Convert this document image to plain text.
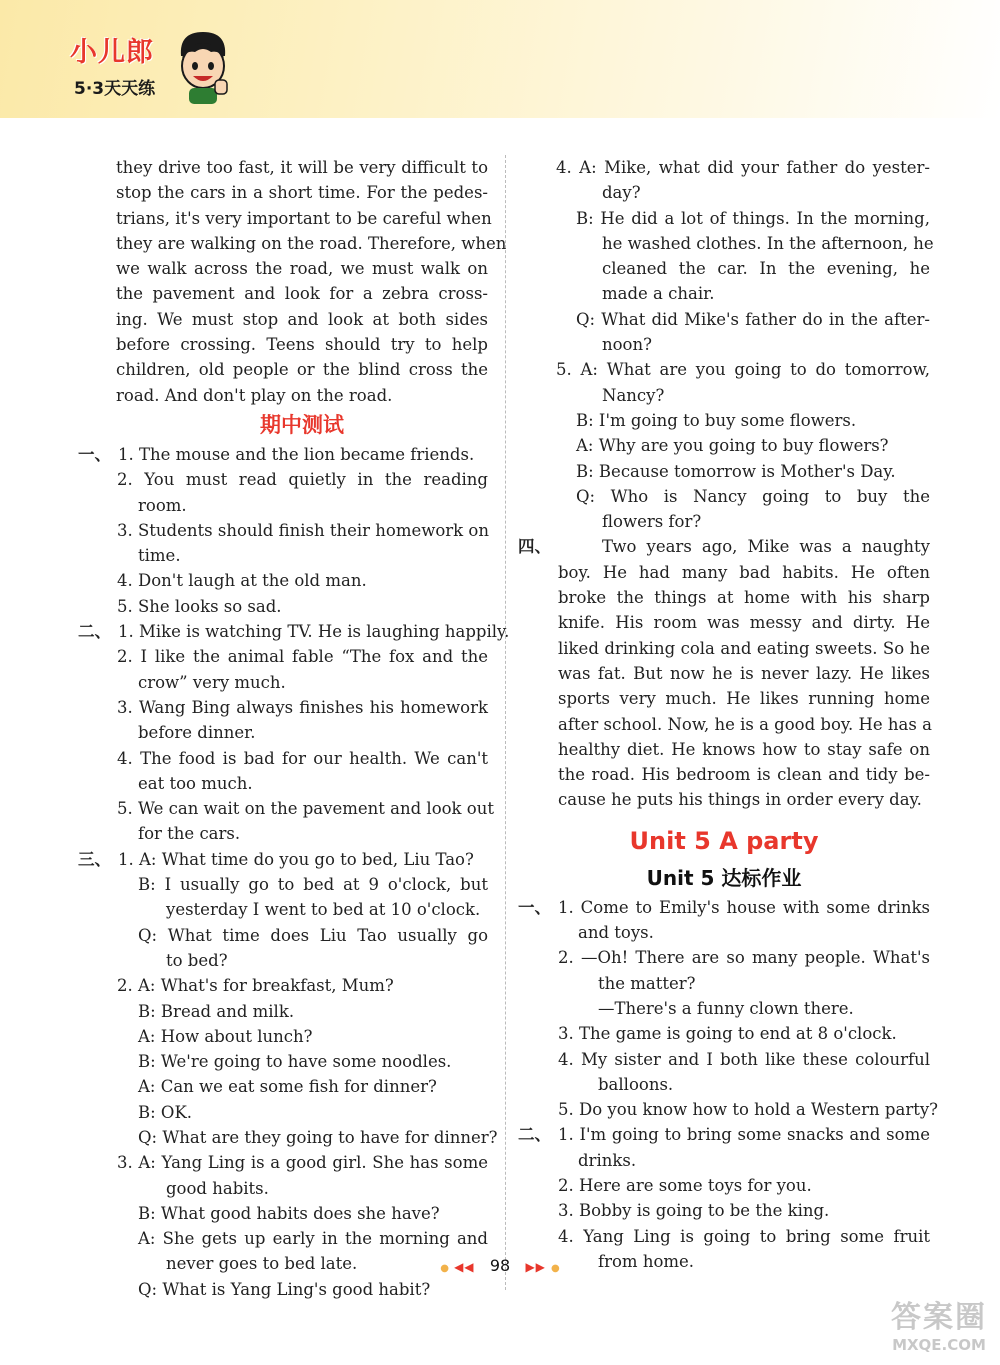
小儿郎
5·3天天练
they drive too fast, it will be very difficult to
stop the cars in a short time. For the pedes-
trians, it's very important to be careful when
they are walking on the road. Therefore, when
we walk across the road, we must walk on
the pavement and look for a zebra cross-
ing. We must stop and look at both sides
before crossing. Teens should try to help
children, old people or the blind cross the
road. And don't play on the road.
期中测试
一、 1. The mouse and the lion became friends.
2. You must read quietly in the reading
room.
3. Students should finish their homework on
time.
4. Don't laugh at the old man.
5. She looks so sad.
二、 1. Mike is watching TV. He is laughing happily.
2. I like the animal fable “The fox and the
crow” very much.
3. Wang Bing always finishes his homework
before dinner.
4. The food is bad for our health. We can't
eat too much.
5. We can wait on the pavement and look out
for the cars.
三、 1. A: What time do you go to bed, Liu Tao?
B: I usually go to bed at 9 o'clock, but
yesterday I went to bed at 10 o'clock.
Q: What time does Liu Tao usually go
to bed?
2. A: What's for breakfast, Mum?
B: Bread and milk.
A: How about lunch?
B: We're going to have some noodles.
A: Can we eat some fish for dinner?
B: OK.
Q: What are they going to have for dinner?
3. A: Yang Ling is a good girl. She has some
good habits.
B: What good habits does she have?
A: She gets up early in the morning and
never goes to bed late.
Q: What is Yang Ling's good habit?
4. A: Mike, what did your father do yester-
day?
B: He did a lot of things. In the morning,
he washed clothes. In the afternoon, he
cleaned the car. In the evening, he
made a chair.
Q: What did Mike's father do in the after-
noon?
5. A: What are you going to do tomorrow,
Nancy?
B: I'm going to buy some flowers.
A: Why are you going to buy flowers?
B: Because tomorrow is Mother's Day.
Q: Who is Nancy going to buy the
flowers for?
四、	Two years ago, Mike was a naughty
boy. He had many bad habits. He often
broke the things at home with his sharp
knife. His room was messy and dirty. He
liked drinking cola and eating sweets. So he
was fat. But now he is never lazy. He likes
sports very much. He likes running home
after school. Now, he is a good boy. He has a
healthy diet. He knows how to stay safe on
the road. His bedroom is clean and tidy be-
cause he puts his things in order every day.
Unit 5 A party
Unit 5 达标作业
一、 1. Come to Emily's house with some drinks
and toys.
2. —Oh! There are so many people. What's
the matter?
—There's a funny clown there.
3. The game is going to end at 8 o'clock.
4. My sister and I both like these colourful
balloons.
5. Do you know how to hold a Western party?
二、 1. I'm going to bring some snacks and some
drinks.
2. Here are some toys for you.
3. Bobby is going to be the king.
4. Yang Ling is going to bring some fruit
from home.
● ◀◀ 98 ▶▶ ●
答案圈
MXQE.COM
